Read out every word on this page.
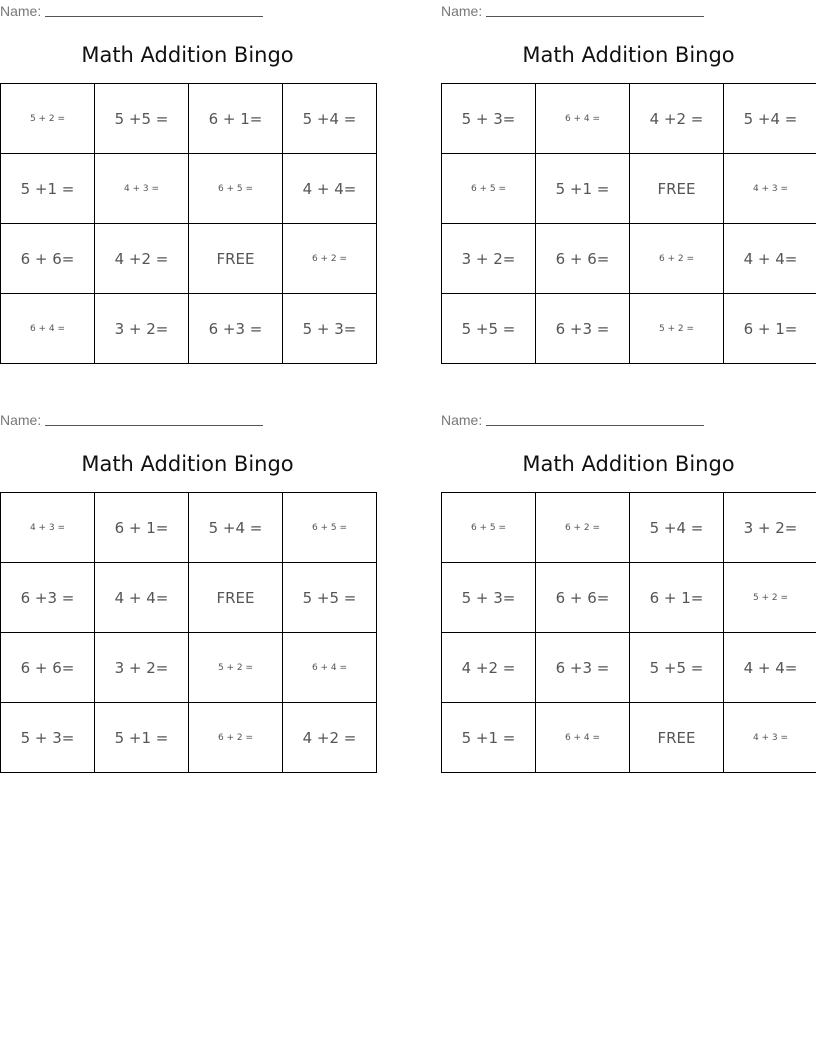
Name:
Math Addition Bingo
5 + 2 =	5 +5 =	6 + 1=	5 +4 =
5 +1 =	4 + 3 =	6 + 5 =	4 + 4=
6 + 6=	4 +2 =	FREE	6 + 2 =
6 + 4 =	3 + 2=	6 +3 =	5 + 3=
Name:
Math Addition Bingo
5 + 3=	6 + 4 =	4 +2 =	5 +4 =
6 + 5 =	5 +1 =	FREE	4 + 3 =
3 + 2=	6 + 6=	6 + 2 =	4 + 4=
5 +5 =	6 +3 =	5 + 2 =	6 + 1=
Name:
Math Addition Bingo
4 + 3 =	6 + 1=	5 +4 =	6 + 5 =
6 +3 =	4 + 4=	FREE	5 +5 =
6 + 6=	3 + 2=	5 + 2 =	6 + 4 =
5 + 3=	5 +1 =	6 + 2 =	4 +2 =
Name:
Math Addition Bingo
6 + 5 =	6 + 2 =	5 +4 =	3 + 2=
5 + 3=	6 + 6=	6 + 1=	5 + 2 =
4 +2 =	6 +3 =	5 +5 =	4 + 4=
5 +1 =	6 + 4 =	FREE	4 + 3 =
